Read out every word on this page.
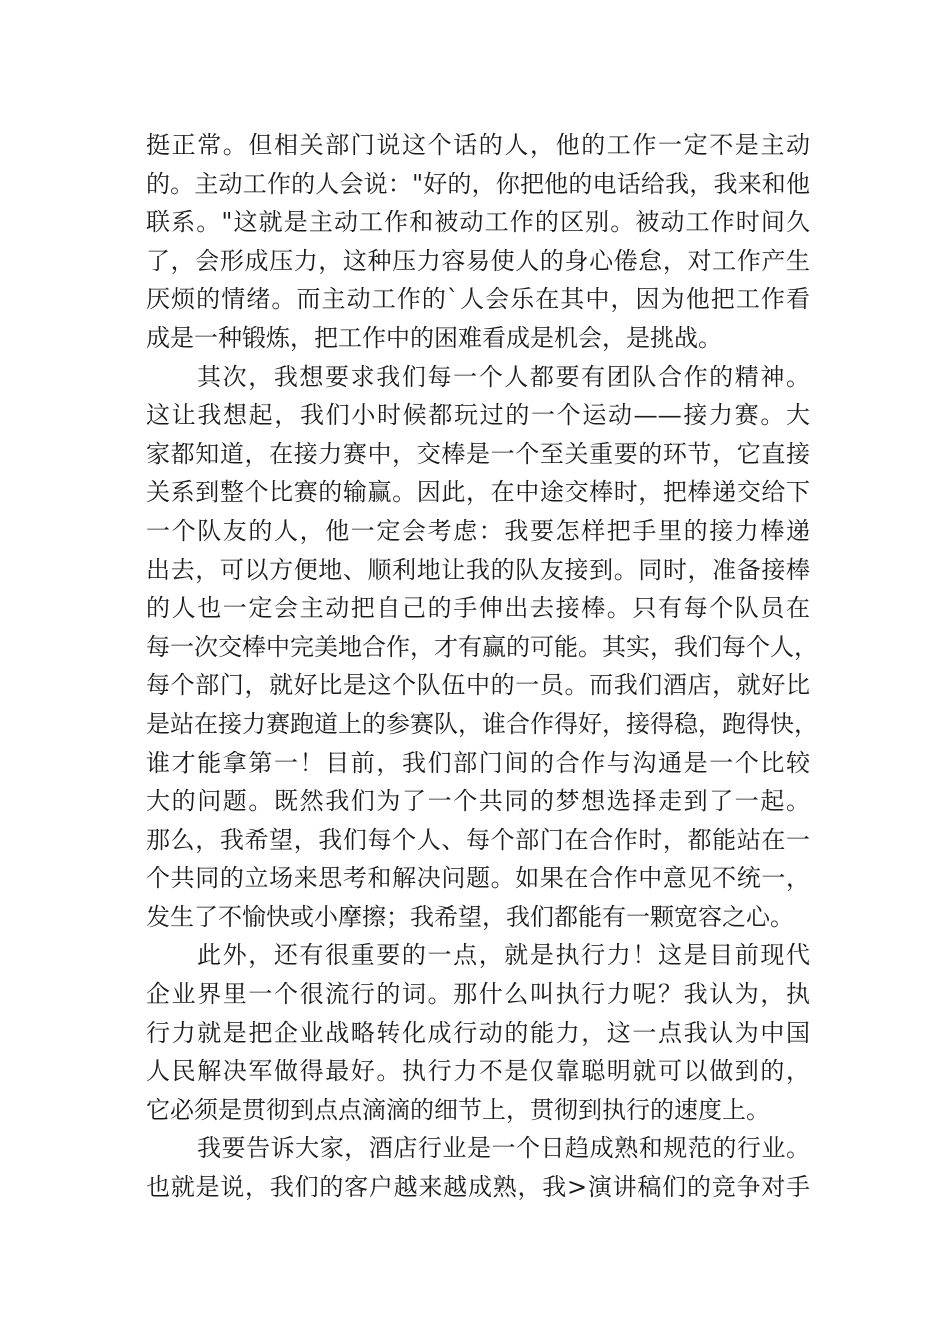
挺正常。但相关部门说这个话的人，他的工作一定不是主动
的。主动工作的人会说："好的，你把他的电话给我，我来和他
联系。"这就是主动工作和被动工作的区别。被动工作时间久
了，会形成压力，这种压力容易使人的身心倦怠，对工作产生
厌烦的情绪。而主动工作的`人会乐在其中，因为他把工作看
成是一种锻炼，把工作中的困难看成是机会，是挑战。
其次，我想要求我们每一个人都要有团队合作的精神。
这让我想起，我们小时候都玩过的一个运动——接力赛。大
家都知道，在接力赛中，交棒是一个至关重要的环节，它直接
关系到整个比赛的输赢。因此，在中途交棒时，把棒递交给下
一个队友的人，他一定会考虑：我要怎样把手里的接力棒递
出去，可以方便地、顺利地让我的队友接到。同时，准备接棒
的人也一定会主动把自己的手伸出去接棒。只有每个队员在
每一次交棒中完美地合作，才有赢的可能。其实，我们每个人，
每个部门，就好比是这个队伍中的一员。而我们酒店，就好比
是站在接力赛跑道上的参赛队，谁合作得好，接得稳，跑得快，
谁才能拿第一！目前，我们部门间的合作与沟通是一个比较
大的问题。既然我们为了一个共同的梦想选择走到了一起。
那么，我希望，我们每个人、每个部门在合作时，都能站在一
个共同的立场来思考和解决问题。如果在合作中意见不统一，
发生了不愉快或小摩擦；我希望，我们都能有一颗宽容之心。
此外，还有很重要的一点，就是执行力！这是目前现代
企业界里一个很流行的词。那什么叫执行力呢？我认为，执
行力就是把企业战略转化成行动的能力，这一点我认为中国
人民解决军做得最好。执行力不是仅靠聪明就可以做到的，
它必须是贯彻到点点滴滴的细节上，贯彻到执行的速度上。
我要告诉大家，酒店行业是一个日趋成熟和规范的行业。
也就是说，我们的客户越来越成熟，我>演讲稿们的竞争对手
